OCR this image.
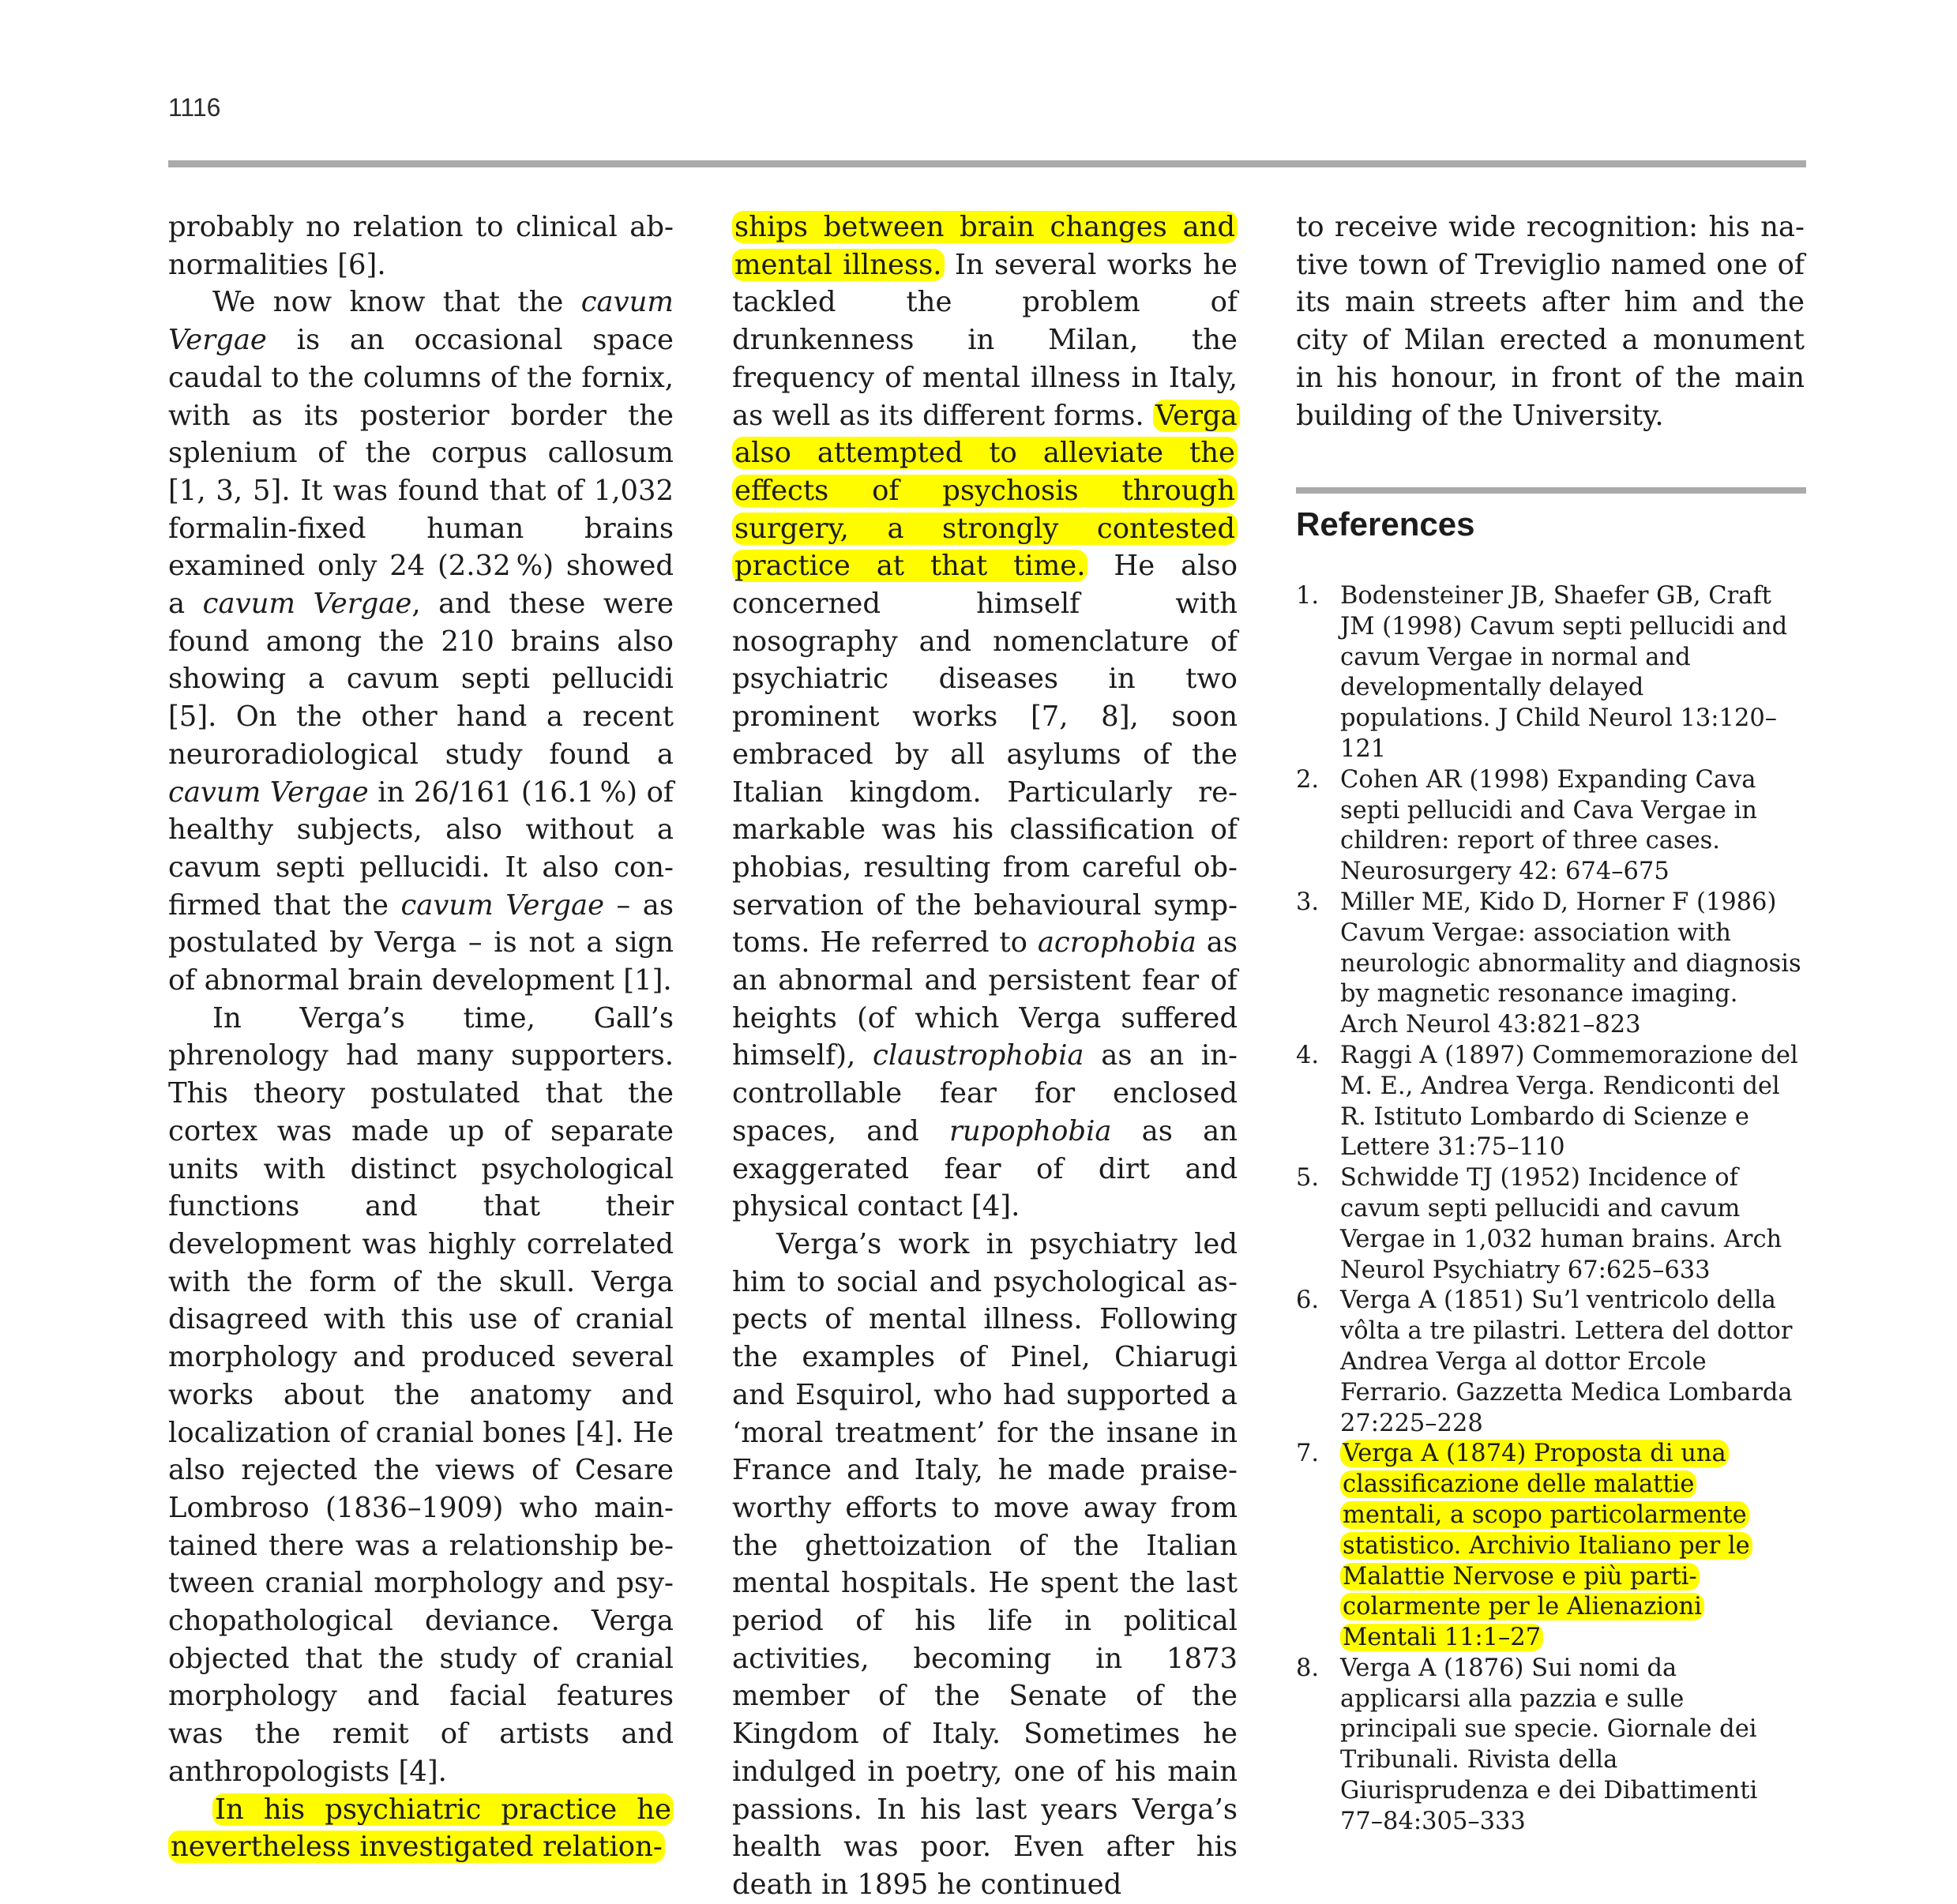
1116

probably no relation to clinical abnormalities [6].

We now know that the cavum Vergae is an occasional space caudal to the columns of the fornix, with as its posterior border the splenium of the corpus callosum [1, 3, 5]. It was found that of 1,032 formalin-fixed human brains examined only 24 (2.32 %) showed a cavum Vergae, and these were found among the 210 brains also showing a cavum septi pellucidi [5]. On the other hand a recent neuroradiological study found a cavum Vergae in 26/161 (16.1 %) of healthy subjects, also without a cavum septi pellucidi. It also confirmed that the cavum Vergae – as postulated by Verga – is not a sign of abnormal brain development [1].

In Verga’s time, Gall’s phrenology had many supporters. This theory postulated that the cortex was made up of separate units with distinct psychological functions and that their development was highly correlated with the form of the skull. Verga disagreed with this use of cranial morphology and produced several works about the anatomy and localization of cranial bones [4]. He also rejected the views of Cesare Lombroso (1836–1909) who maintained there was a relationship between cranial morphology and psychopathological deviance. Verga objected that the study of cranial morphology and facial features was the remit of artists and anthropologists [4].

In his psychiatric practice he nevertheless investigated relation-

ships between brain changes and mental illness. In several works he tackled the problem of drunkenness in Milan, the frequency of mental illness in Italy, as well as its different forms. Verga also attempted to alleviate the effects of psychosis through surgery, a strongly contested practice at that time. He also concerned himself with nosography and nomenclature of psychiatric diseases in two prominent works [7, 8], soon embraced by all asylums of the Italian kingdom. Particularly remarkable was his classification of phobias, resulting from careful observation of the behavioural symptoms. He referred to acrophobia as an abnormal and persistent fear of heights (of which Verga suffered himself), claustrophobia as an incontrollable fear for enclosed spaces, and rupophobia as an exaggerated fear of dirt and physical contact [4].

Verga’s work in psychiatry led him to social and psychological aspects of mental illness. Following the examples of Pinel, Chiarugi and Esquirol, who had supported a ‘moral treatment’ for the insane in France and Italy, he made praiseworthy efforts to move away from the ghettoization of the Italian mental hospitals. He spent the last period of his life in political activities, becoming in 1873 member of the Senate of the Kingdom of Italy. Sometimes he indulged in poetry, one of his main passions. In his last years Verga’s health was poor. Even after his death in 1895 he continued

to receive wide recognition: his native town of Treviglio named one of its main streets after him and the city of Milan erected a monument in his honour, in front of the main building of the University.

References
1. Bodensteiner JB, Shaefer GB, Craft JM (1998) Cavum septi pellucidi and cavum Vergae in normal and developmentally delayed populations. J Child Neurol 13:120–121
2. Cohen AR (1998) Expanding Cava septi pellucidi and Cava Vergae in children: report of three cases. Neurosurgery 42: 674–675
3. Miller ME, Kido D, Horner F (1986) Cavum Vergae: association with neurologic abnormality and diagnosis by magnetic resonance imaging. Arch Neurol 43:821–823
4. Raggi A (1897) Commemorazione del M. E., Andrea Verga. Rendiconti del R. Istituto Lombardo di Scienze e Lettere 31:75–110
5. Schwidde TJ (1952) Incidence of cavum septi pellucidi and cavum Vergae in 1,032 human brains. Arch Neurol Psychiatry 67:625–633
6. Verga A (1851) Su’l ventricolo della vôlta a tre pilastri. Lettera del dottor Andrea Verga al dottor Ercole Ferrario. Gazzetta Medica Lombarda 27:225–228
7. Verga A (1874) Proposta di una classificazione delle malattie mentali, a scopo particolarmente statistico. Archivio Italiano per le Malattie Nervose e più particolarmente per le Alienazioni Mentali 11:1–27
8. Verga A (1876) Sui nomi da applicarsi alla pazzia e sulle principali sue specie. Giornale dei Tribunali. Rivista della Giurisprudenza e dei Dibattimenti 77–84:305–333
